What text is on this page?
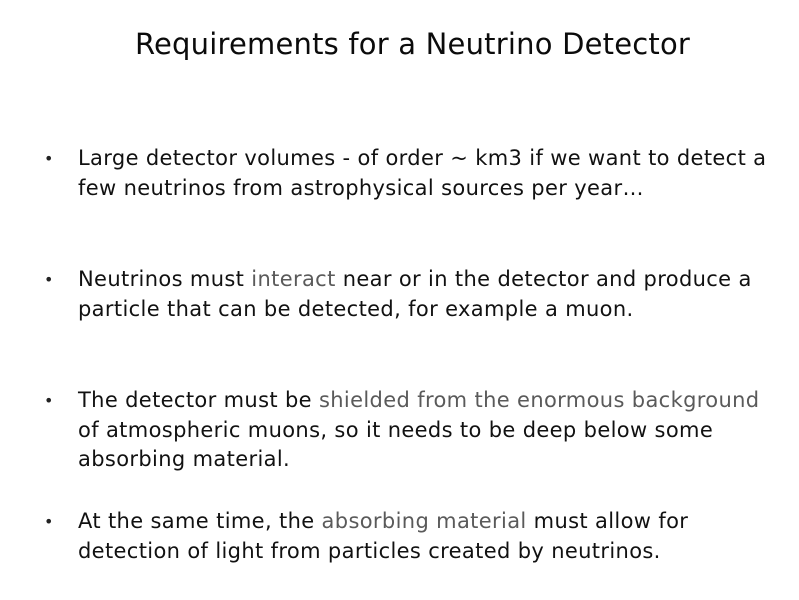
Requirements for a Neutrino Detector
• Large detector volumes - of order ~ km3 if we want to detect a few neutrinos from astrophysical sources per year…
• Neutrinos must interact near or in the detector and produce a particle that can be detected, for example a muon.
• The detector must be shielded from the enormous background of atmospheric muons, so it needs to be deep below some absorbing material.
• At the same time, the absorbing material must allow for detection of light from particles created by neutrinos.
